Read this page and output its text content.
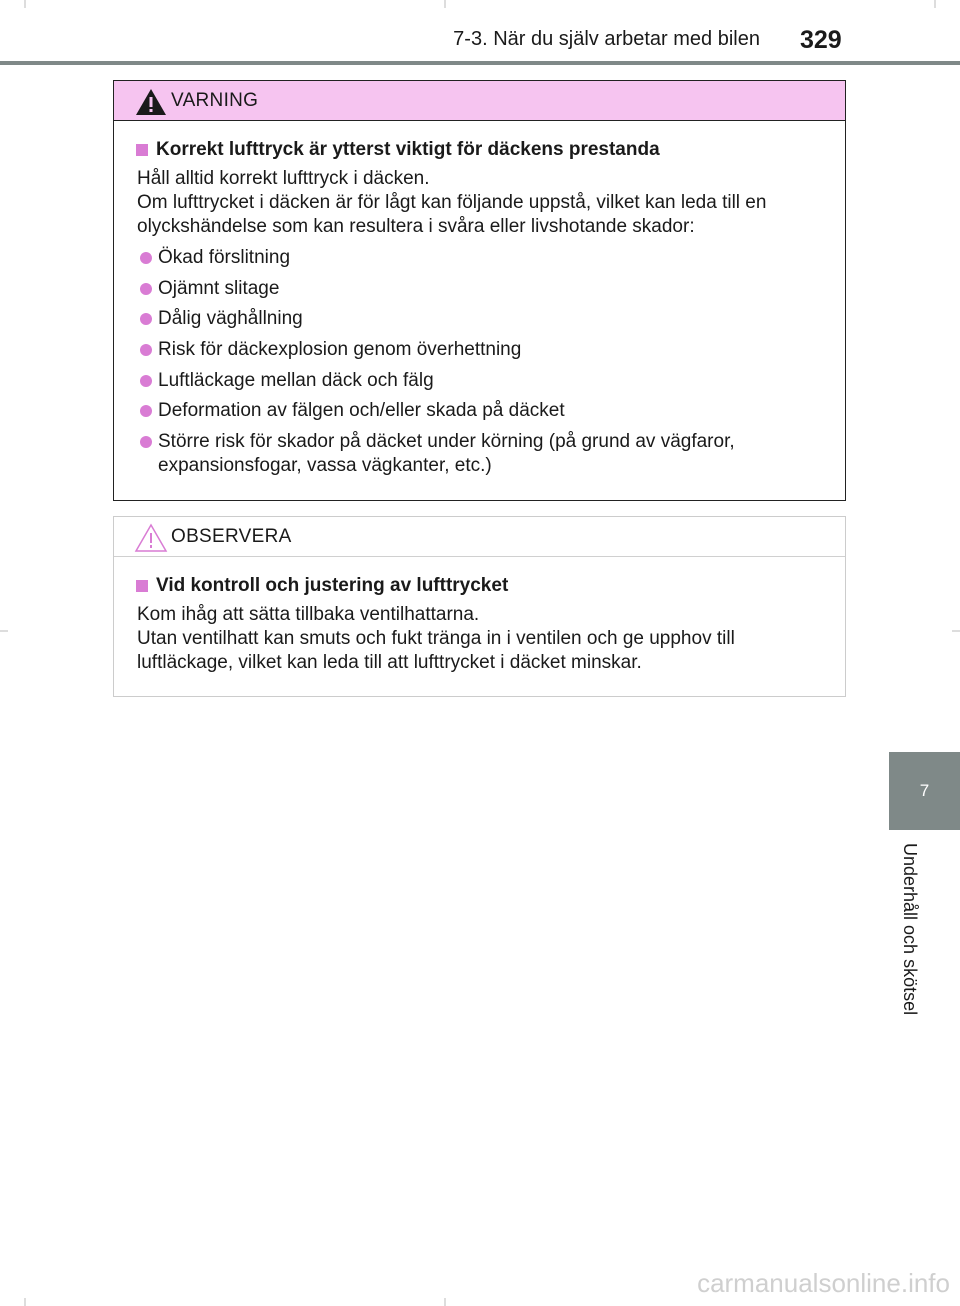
7-3. När du själv arbetar med bilen 329
7
Underhåll och skötsel
VARNING
Korrekt lufttryck är ytterst viktigt för däckens prestanda

Håll alltid korrekt lufttryck i däcken.

Om lufttrycket i däcken är för lågt kan följande uppstå, vilket kan leda till en olyckshändelse som kan resultera i svåra eller livshotande skador:

Ökad förslitning
Ojämnt slitage
Dålig väghållning
Risk för däckexplosion genom överhettning
Luftläckage mellan däck och fälg
Deformation av fälgen och/eller skada på däcket
Större risk för skador på däcket under körning (på grund av vägfaror, expansionsfogar, vassa vägkanter, etc.)
OBSERVERA
Vid kontroll och justering av lufttrycket

Kom ihåg att sätta tillbaka ventilhattarna.

Utan ventilhatt kan smuts och fukt tränga in i ventilen och ge upphov till luftläckage, vilket kan leda till att lufttrycket i däcket minskar.

carmanualsonline.info
